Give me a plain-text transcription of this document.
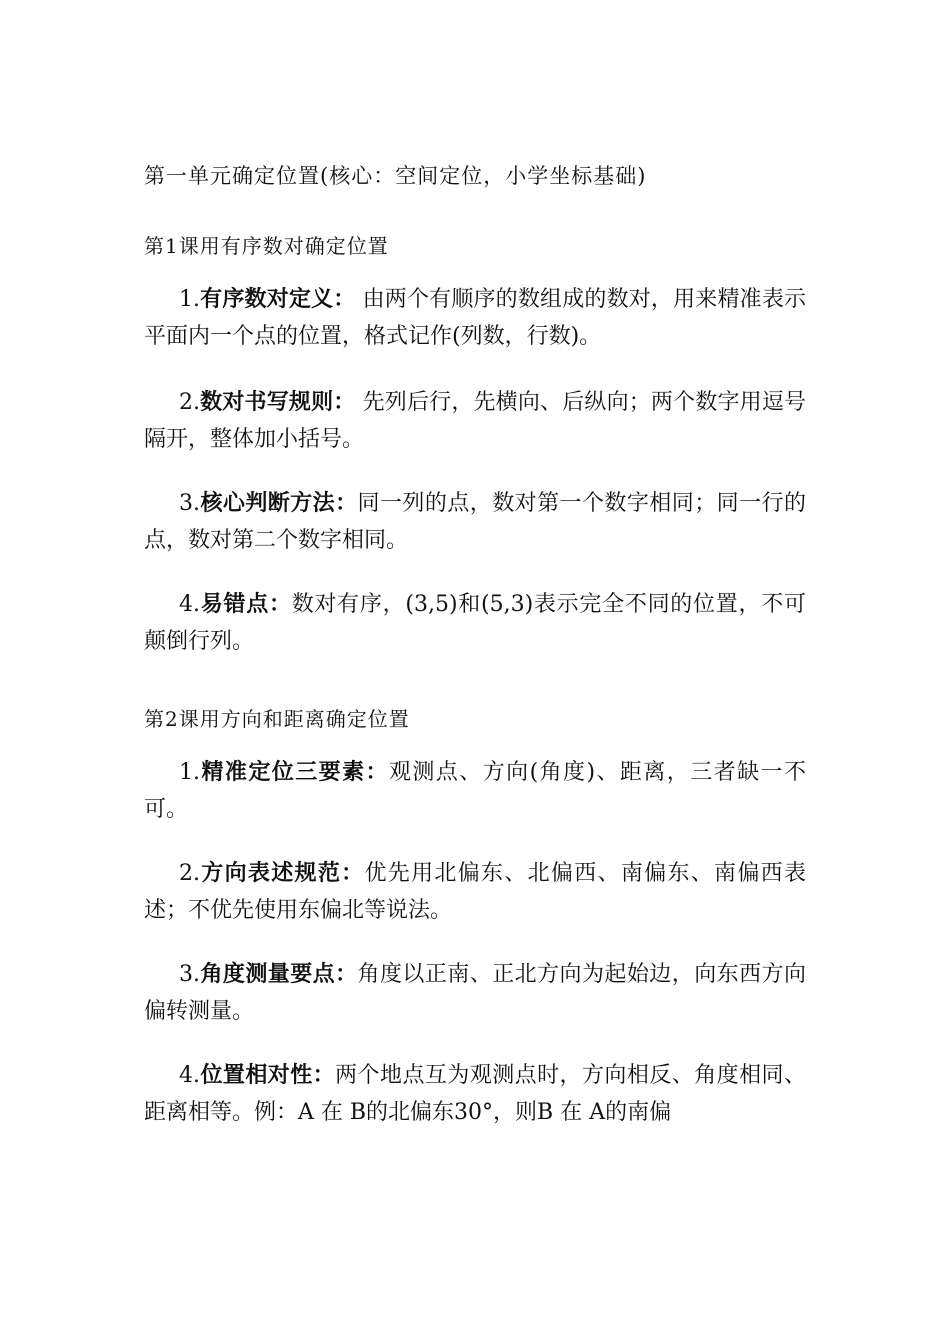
第一单元确定位置(核心：空间定位，小学坐标基础)
第1课用有序数对确定位置
1.有序数对定义： 由两个有顺序的数组成的数对，用来精准表示平面内一个点的位置，格式记作(列数，行数)。
2.数对书写规则： 先列后行，先横向、后纵向；两个数字用逗号隔开，整体加小括号。
3.核心判断方法：同一列的点，数对第一个数字相同；同一行的点，数对第二个数字相同。
4.易错点：数对有序，(3,5)和(5,3)表示完全不同的位置，不可颠倒行列。
第2课用方向和距离确定位置
1.精准定位三要素：观测点、方向(角度)、距离，三者缺一不可。
2.方向表述规范：优先用北偏东、北偏西、南偏东、南偏西表述；不优先使用东偏北等说法。
3.角度测量要点：角度以正南、正北方向为起始边，向东西方向偏转测量。
4.位置相对性：两个地点互为观测点时，方向相反、角度相同、距离相等。例：A 在 B的北偏东30°，则B 在 A的南偏
